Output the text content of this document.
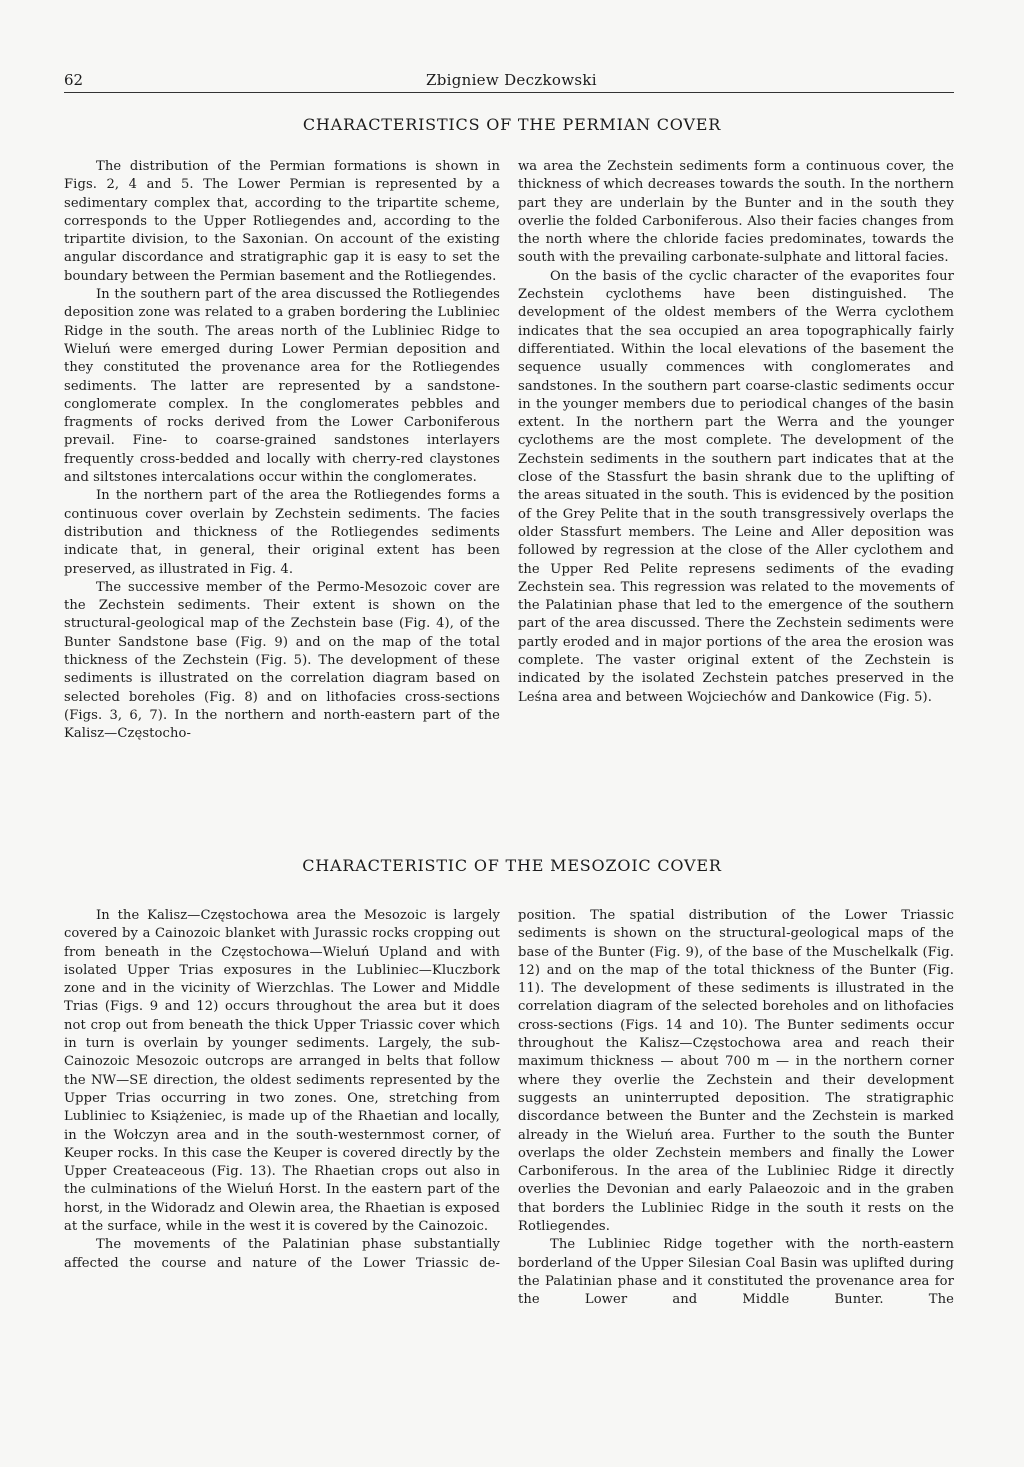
62	Zbigniew Deczkowski
CHARACTERISTICS OF THE PERMIAN COVER

The distribution of the Permian formations is shown in Figs. 2, 4 and 5. The Lower Permian is represented by a sedimentary complex that, according to the tripartite scheme, corresponds to the Upper Rotliegendes and, according to the tripartite division, to the Saxonian. On account of the existing angular discordance and stratigraphic gap it is easy to set the boundary between the Permian basement and the Rotliegendes.

In the southern part of the area discussed the Rotliegendes deposition zone was related to a graben bordering the Lubliniec Ridge in the south. The areas north of the Lubliniec Ridge to Wieluń were emerged during Lower Permian deposition and they constituted the provenance area for the Rotliegendes sediments. The latter are represented by a sandstone-conglomerate complex. In the conglomerates pebbles and fragments of rocks derived from the Lower Carboniferous prevail. Fine- to coarse-grained sandstones interlayers frequently cross-bedded and locally with cherry-red claystones and siltstones intercalations occur within the conglomerates.

In the northern part of the area the Rotliegendes forms a continuous cover overlain by Zechstein sediments. The facies distribution and thickness of the Rotliegendes sediments indicate that, in general, their original extent has been preserved, as illustrated in Fig. 4.

The successive member of the Permo-Mesozoic cover are the Zechstein sediments. Their extent is shown on the structural-geological map of the Zechstein base (Fig. 4), of the Bunter Sandstone base (Fig. 9) and on the map of the total thickness of the Zechstein (Fig. 5). The development of these sediments is illustrated on the correlation diagram based on selected boreholes (Fig. 8) and on lithofacies cross-sections (Figs. 3, 6, 7). In the northern and north-eastern part of the Kalisz—Częstocho-

wa area the Zechstein sediments form a continuous cover, the thickness of which decreases towards the south. In the northern part they are underlain by the Bunter and in the south they overlie the folded Carboniferous. Also their facies changes from the north where the chloride facies predominates, towards the south with the prevailing carbonate-sulphate and littoral facies.

On the basis of the cyclic character of the evaporites four Zechstein cyclothems have been distinguished. The development of the oldest members of the Werra cyclothem indicates that the sea occupied an area topographically fairly differentiated. Within the local elevations of the basement the sequence usually commences with conglomerates and sandstones. In the southern part coarse-clastic sediments occur in the younger members due to periodical changes of the basin extent. In the northern part the Werra and the younger cyclothems are the most complete. The development of the Zechstein sediments in the southern part indicates that at the close of the Stassfurt the basin shrank due to the uplifting of the areas situated in the south. This is evidenced by the position of the Grey Pelite that in the south transgressively overlaps the older Stassfurt members. The Leine and Aller deposition was followed by regression at the close of the Aller cyclothem and the Upper Red Pelite represens sediments of the evading Zechstein sea. This regression was related to the movements of the Palatinian phase that led to the emergence of the southern part of the area discussed. There the Zechstein sediments were partly eroded and in major portions of the area the erosion was complete. The vaster original extent of the Zechstein is indicated by the isolated Zechstein patches preserved in the Leśna area and between Wojciechów and Dankowice (Fig. 5).

CHARACTERISTIC OF THE MESOZOIC COVER

In the Kalisz—Częstochowa area the Mesozoic is largely covered by a Cainozoic blanket with Jurassic rocks cropping out from beneath in the Częstochowa—Wieluń Upland and with isolated Upper Trias exposures in the Lubliniec—Kluczbork zone and in the vicinity of Wierzchlas. The Lower and Middle Trias (Figs. 9 and 12) occurs throughout the area but it does not crop out from beneath the thick Upper Triassic cover which in turn is overlain by younger sediments. Largely, the sub-Cainozoic Mesozoic outcrops are arranged in belts that follow the NW—SE direction, the oldest sediments represented by the Upper Trias occurring in two zones. One, stretching from Lubliniec to Książeniec, is made up of the Rhaetian and locally, in the Wołczyn area and in the south-westernmost corner, of Keuper rocks. In this case the Keuper is covered directly by the Upper Createaceous (Fig. 13). The Rhaetian crops out also in the culminations of the Wieluń Horst. In the eastern part of the horst, in the Widoradz and Olewin area, the Rhaetian is exposed at the surface, while in the west it is covered by the Cainozoic.

The movements of the Palatinian phase substantially affected the course and nature of the Lower Triassic de-

position. The spatial distribution of the Lower Triassic sediments is shown on the structural-geological maps of the base of the Bunter (Fig. 9), of the base of the Muschelkalk (Fig. 12) and on the map of the total thickness of the Bunter (Fig. 11). The development of these sediments is illustrated in the correlation diagram of the selected boreholes and on lithofacies cross-sections (Figs. 14 and 10). The Bunter sediments occur throughout the Kalisz—Częstochowa area and reach their maximum thickness — about 700 m — in the northern corner where they overlie the Zechstein and their development suggests an uninterrupted deposition. The stratigraphic discordance between the Bunter and the Zechstein is marked already in the Wieluń area. Further to the south the Bunter overlaps the older Zechstein members and finally the Lower Carboniferous. In the area of the Lubliniec Ridge it directly overlies the Devonian and early Palaeozoic and in the graben that borders the Lubliniec Ridge in the south it rests on the Rotliegendes.

The Lubliniec Ridge together with the north-eastern borderland of the Upper Silesian Coal Basin was uplifted during the Palatinian phase and it constituted the provenance area for the Lower and Middle Bunter. The
